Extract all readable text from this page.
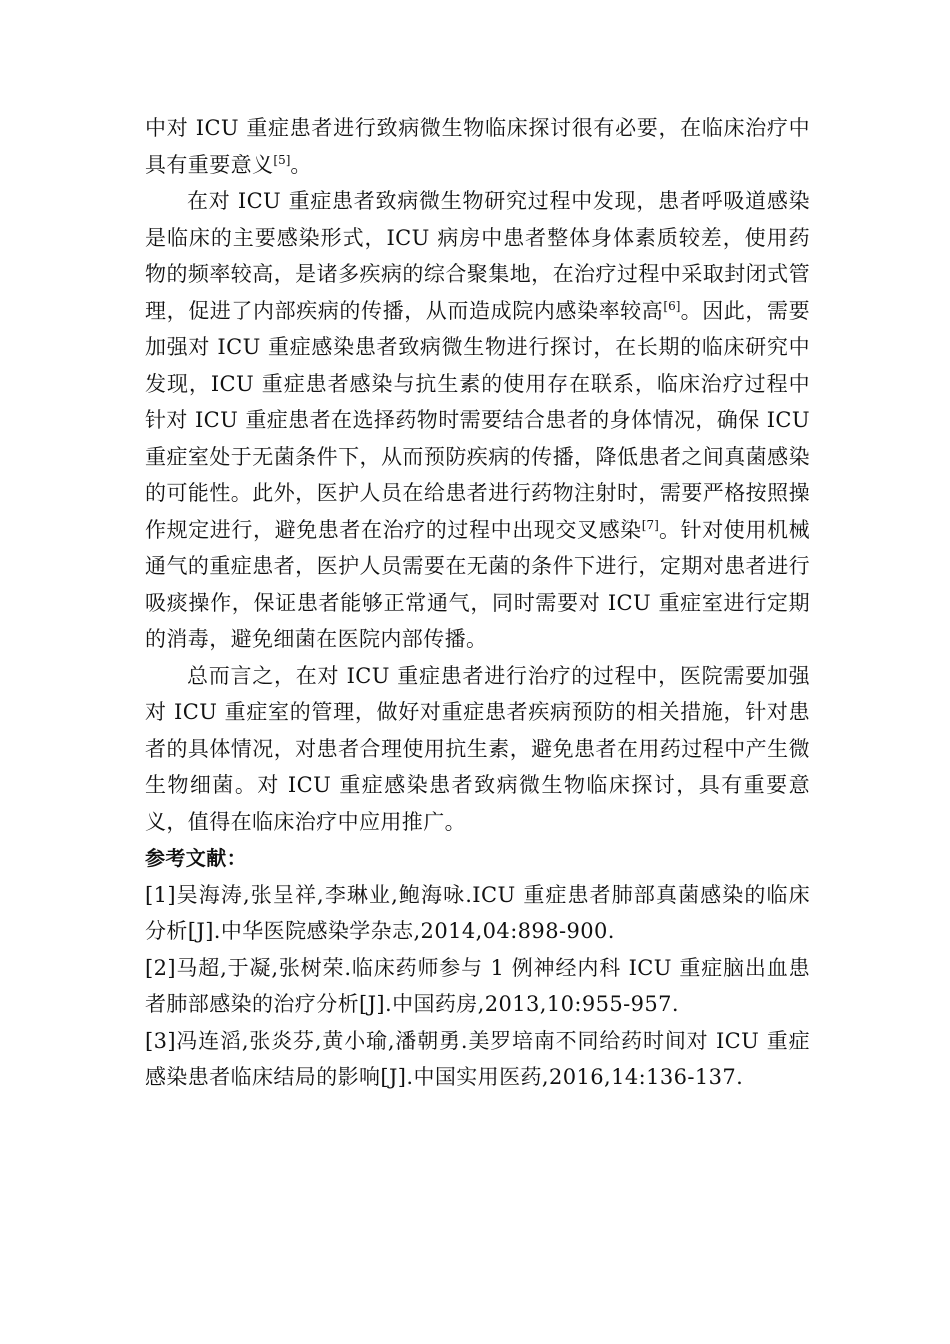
中对 ICU 重症患者进行致病微生物临床探讨很有必要，在临床治疗中具有重要意义[5]。

在对 ICU 重症患者致病微生物研究过程中发现，患者呼吸道感染是临床的主要感染形式，ICU 病房中患者整体身体素质较差，使用药物的频率较高，是诸多疾病的综合聚集地，在治疗过程中采取封闭式管理，促进了内部疾病的传播，从而造成院内感染率较高[6]。因此，需要加强对 ICU 重症感染患者致病微生物进行探讨，在长期的临床研究中发现，ICU 重症患者感染与抗生素的使用存在联系，临床治疗过程中针对 ICU 重症患者在选择药物时需要结合患者的身体情况，确保 ICU 重症室处于无菌条件下，从而预防疾病的传播，降低患者之间真菌感染的可能性。此外，医护人员在给患者进行药物注射时，需要严格按照操作规定进行，避免患者在治疗的过程中出现交叉感染[7]。针对使用机械通气的重症患者，医护人员需要在无菌的条件下进行，定期对患者进行吸痰操作，保证患者能够正常通气，同时需要对 ICU 重症室进行定期的消毒，避免细菌在医院内部传播。

总而言之，在对 ICU 重症患者进行治疗的过程中，医院需要加强对 ICU 重症室的管理，做好对重症患者疾病预防的相关措施，针对患者的具体情况，对患者合理使用抗生素，避免患者在用药过程中产生微生物细菌。对 ICU 重症感染患者致病微生物临床探讨，具有重要意义，值得在临床治疗中应用推广。

参考文献：

[1]吴海涛,张呈祥,李琳业,鲍海咏.ICU 重症患者肺部真菌感染的临床分析[J].中华医院感染学杂志,2014,04:898-900.

[2]马超,于凝,张树荣.临床药师参与 1 例神经内科 ICU 重症脑出血患者肺部感染的治疗分析[J].中国药房,2013,10:955-957.

[3]冯连滔,张炎芬,黄小瑜,潘朝勇.美罗培南不同给药时间对 ICU 重症感染患者临床结局的影响[J].中国实用医药,2016,14:136-137.
